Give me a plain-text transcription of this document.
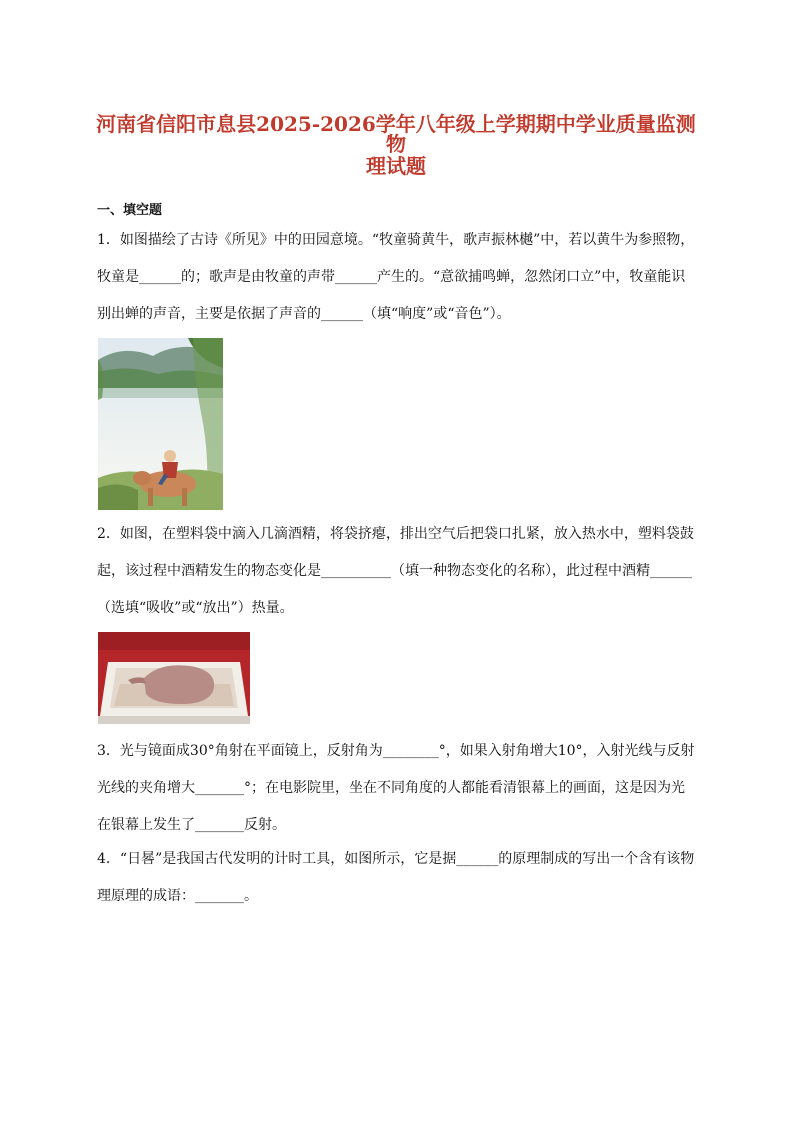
河南省信阳市息县2025-2026学年八年级上学期期中学业质量监测物
理试题
一、填空题
1．如图描绘了古诗《所见》中的田园意境。“牧童骑黄牛，歌声振林樾”中，若以黄牛为参照物，牧童是______的；歌声是由牧童的声带______产生的。“意欲捕鸣蝉，忽然闭口立”中，牧童能识别出蝉的声音，主要是依据了声音的______（填“响度”或“音色”）。
2．如图，在塑料袋中滴入几滴酒精，将袋挤瘪，排出空气后把袋口扎紧，放入热水中，塑料袋鼓起，该过程中酒精发生的物态变化是__________（填一种物态变化的名称），此过程中酒精______（选填“吸收”或“放出”）热量。
3．光与镜面成30°角射在平面镜上，反射角为________°，如果入射角增大10°，入射光线与反射光线的夹角增大_______°；在电影院里，坐在不同角度的人都能看清银幕上的画面，这是因为光在银幕上发生了_______反射。
4．“日晷”是我国古代发明的计时工具，如图所示，它是据______的原理制成的写出一个含有该物理原理的成语：_______。
